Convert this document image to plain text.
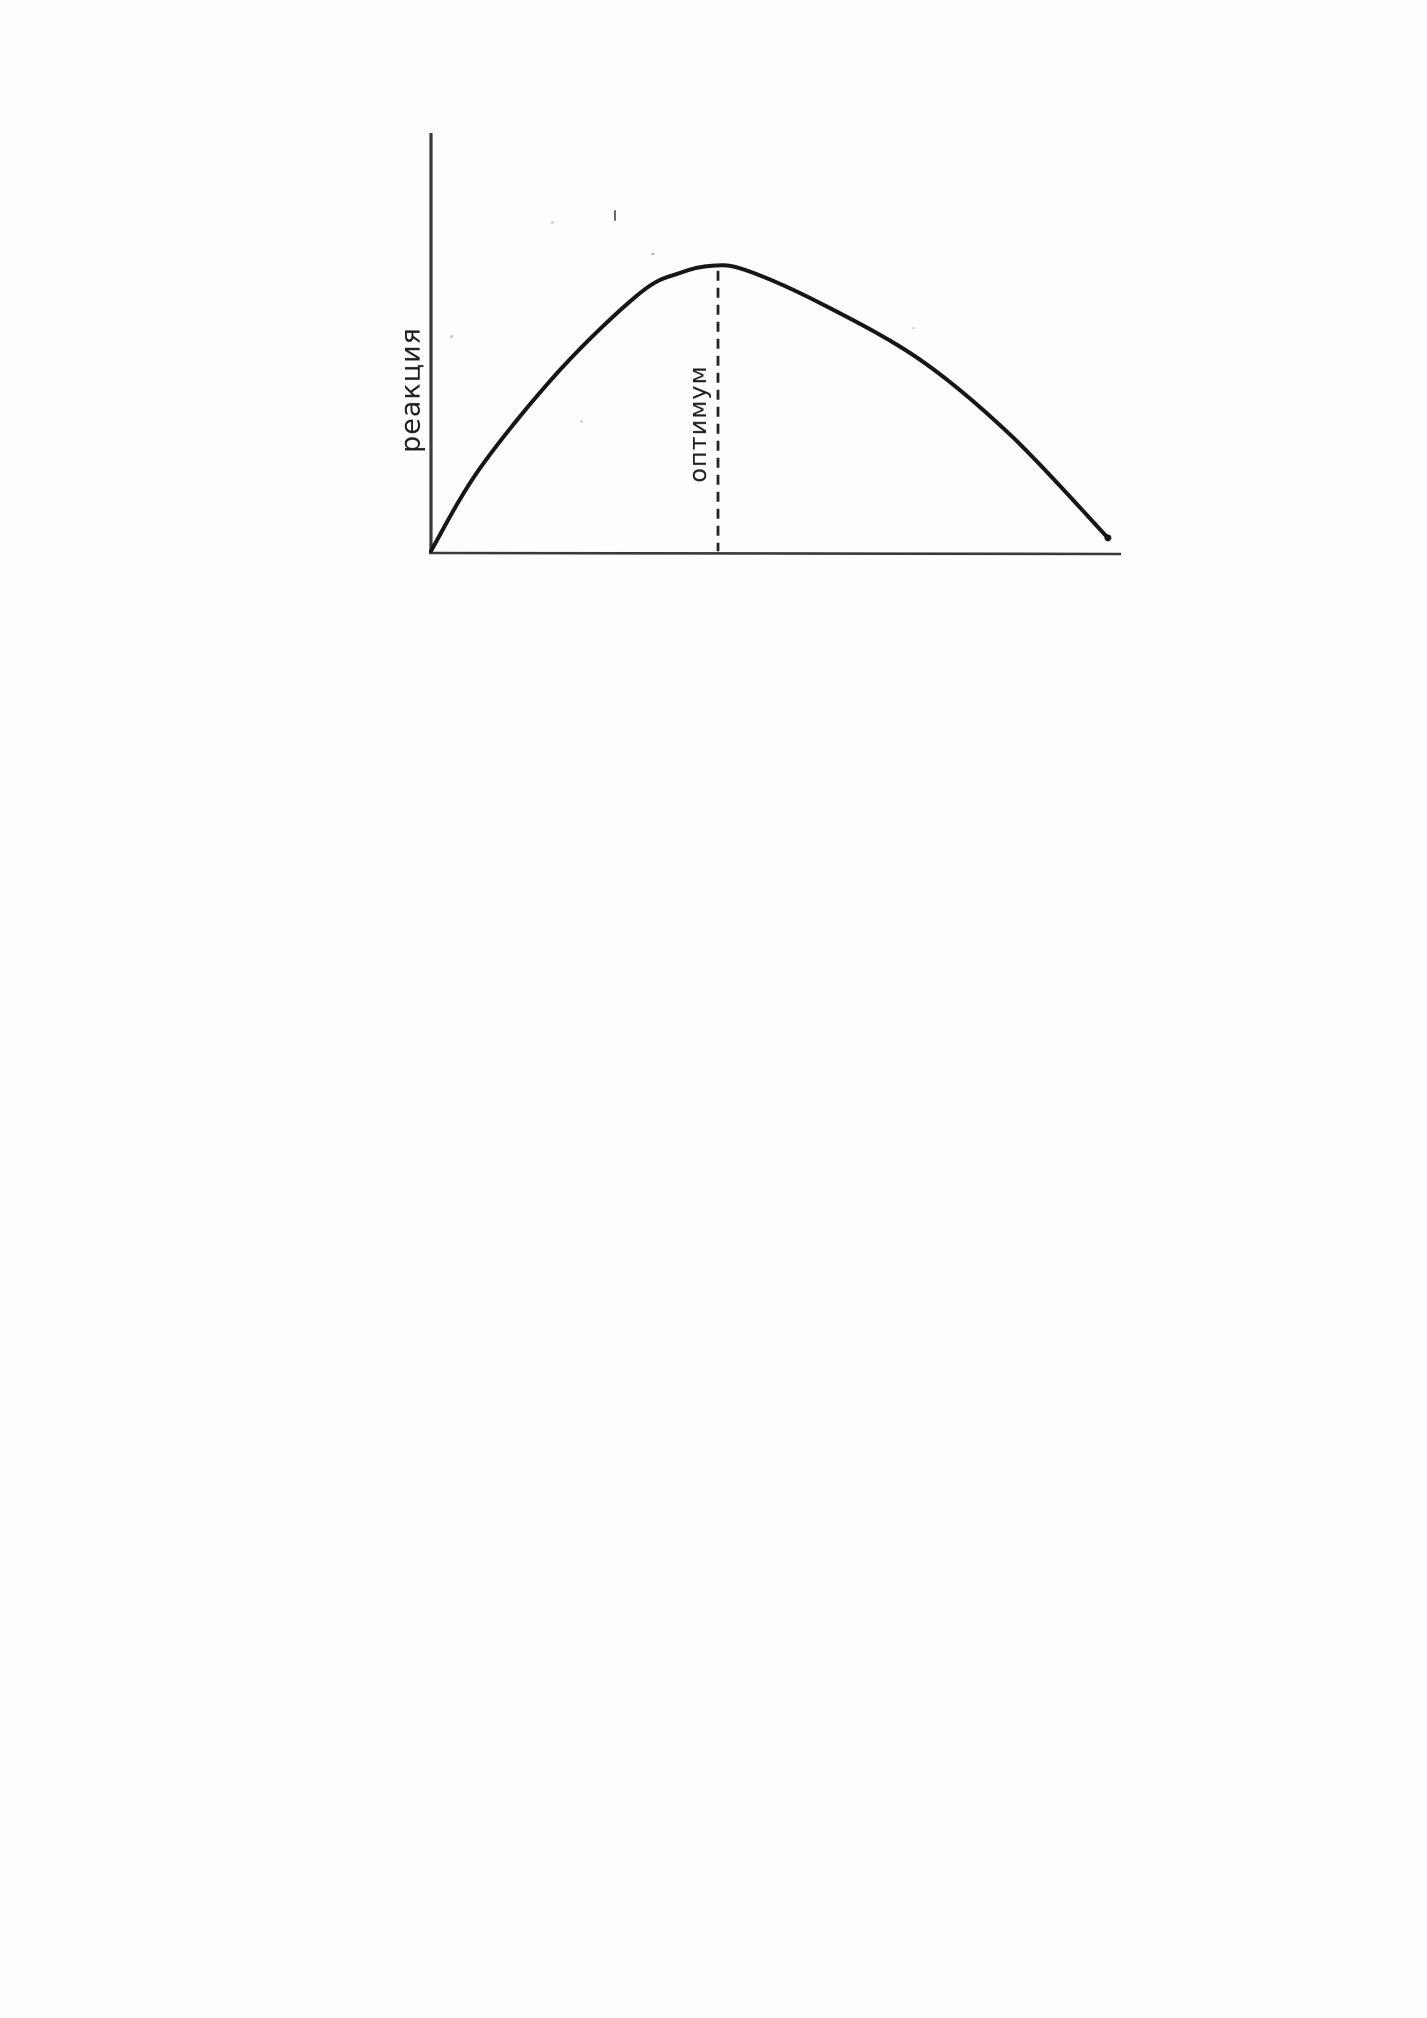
реакция	оптимум
